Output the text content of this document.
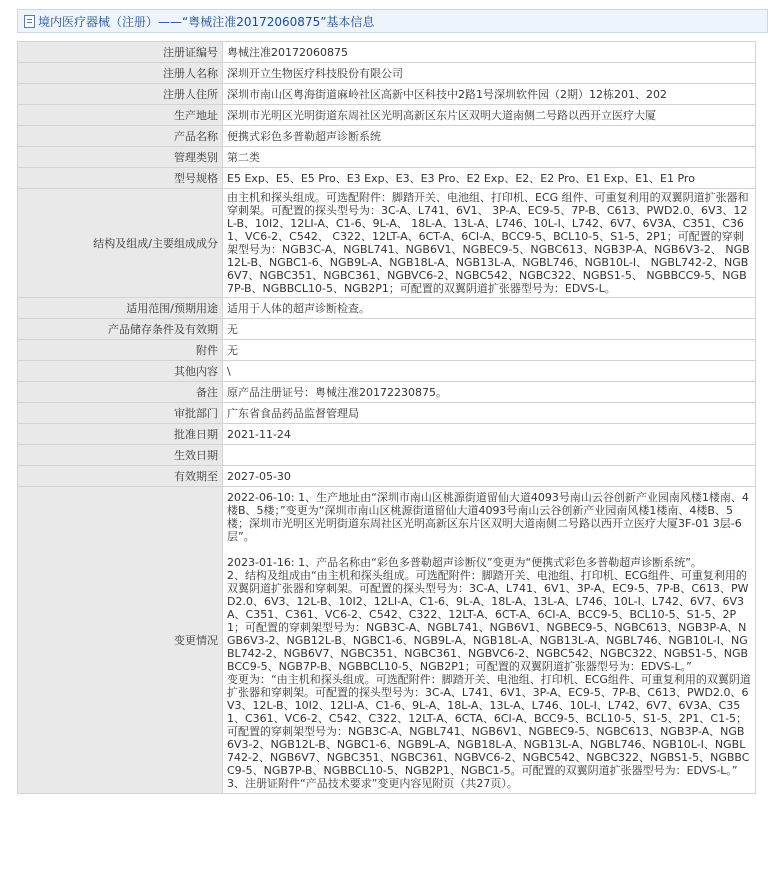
境内医疗器械（注册）——“粤械注准20172060875”基本信息
注册证编号	粤械注准20172060875
注册人名称	深圳开立生物医疗科技股份有限公司
注册人住所	深圳市南山区粤海街道麻岭社区高新中区科技中2路1号深圳软件园（2期）12栋201、202
生产地址	深圳市光明区光明街道东周社区光明高新区东片区双明大道南侧二号路以西开立医疗大厦
产品名称	便携式彩色多普勒超声诊断系统
管理类别	第二类
型号规格	E5 Exp、E5、E5 Pro、E3 Exp、E3、E3 Pro、E2 Exp、E2、E2 Pro、E1 Exp、E1、E1 Pro
结构及组成/主要组成成分	由主机和探头组成。可选配附件：脚踏开关、电池组、打印机、ECG 组件、可重复利用的双翼阴道扩张器和穿刺架。可配置的探头型号为：3C-A、L741、6V1、 3P-A、EC9-5、7P-B、C613、PWD2.0、6V3、12L-B、10I2、12LI-A、C1-6、9L-A、 18L-A、13L-A、L746、10L-I、L742、6V7、6V3A、C351、C361、VC6-2、C542、 C322、12LT-A、6CT-A、6CI-A、BCC9-5、BCL10-5、S1-5、2P1；可配置的穿刺架型号为：NGB3C-A、NGBL741、NGB6V1、NGBEC9-5、NGBC613、NGB3P-A、NGB6V3-2、 NGB12L-B、NGBC1-6、NGB9L-A、NGB18L-A、NGB13L-A、NGBL746、NGB10L-I、 NGBL742-2、NGB6V7、NGBC351、NGBC361、NGBVC6-2、NGBC542、NGBC322、NGBS1-5、 NGBBCC9-5、NGB7P-B、NGBBCL10-5、NGB2P1；可配置的双翼阴道扩张器型号为：EDVS-L。
适用范围/预期用途	适用于人体的超声诊断检查。
产品储存条件及有效期	无
附件	无
其他内容	\
备注	原产品注册证号：粤械注准20172230875。
审批部门	广东省食品药品监督管理局
批准日期	2021-11-24
生效日期	
有效期至	2027-05-30
变更情况	2022-06-10: 1、生产地址由“深圳市南山区桃源街道留仙大道4093号南山云谷创新产业园南风楼1楼南、4楼B、5楼；”变更为“深圳市南山区桃源街道留仙大道4093号南山云谷创新产业园南风楼1楼南、4楼B、5楼；深圳市光明区光明街道东周社区光明高新区东片区双明大道南侧二号路以西开立医疗大厦3F-01 3层-6层”。

2023-01-16: 1、产品名称由“彩色多普勒超声诊断仪”变更为“便携式彩色多普勒超声诊断系统”。
2、结构及组成由“由主机和探头组成。可选配附件：脚踏开关、电池组、打印机、ECG组件、可重复利用的双翼阴道扩张器和穿刺架。可配置的探头型号为：3C-A、L741、6V1、3P-A、EC9-5、7P-B、C613、PWD2.0、6V3、12L-B、10I2、12LI-A、C1-6、9L-A、18L-A、13L-A、L746、10L-I、L742、6V7、6V3A、C351、C361、VC6-2、C542、C322、12LT-A、6CT-A、6CI-A、BCC9-5、BCL10-5、S1-5、2P1；可配置的穿刺架型号为：NGB3C-A、NGBL741、NGB6V1、NGBEC9-5、NGBC613、NGB3P-A、NGB6V3-2、NGB12L-B、NGBC1-6、NGB9L-A、NGB18L-A、NGB13L-A、NGBL746、NGB10L-I、NGBL742-2、NGB6V7、NGBC351、NGBC361、NGBVC6-2、NGBC542、NGBC322、NGBS1-5、NGBBCC9-5、NGB7P-B、NGBBCL10-5、NGB2P1；可配置的双翼阴道扩张器型号为：EDVS-L。”
变更为：“由主机和探头组成。可选配附件：脚踏开关、电池组、打印机、ECG组件、可重复利用的双翼阴道扩张器和穿刺架。可配置的探头型号为：3C-A、L741、6V1、3P-A、EC9-5、7P-B、C613、PWD2.0、6V3、12L-B、10I2、12LI-A、C1-6、9L-A、18L-A、13L-A、L746、10L-I、L742、6V7、6V3A、C351、C361、VC6-2、C542、C322、12LT-A、6CTA、6CI-A、BCC9-5、BCL10-5、S1-5、2P1、C1-5；可配置的穿刺架型号为：NGB3C-A、NGBL741、NGB6V1、NGBEC9-5、NGBC613、NGB3P-A、NGB6V3-2、NGB12L-B、NGBC1-6、NGB9L-A、NGB18L-A、NGB13L-A、NGBL746、NGB10L-I、NGBL742-2、NGB6V7、NGBC351、NGBC361、NGBVC6-2、NGBC542、NGBC322、NGBS1-5、NGBBCC9-5、NGB7P-B、NGBBCL10-5、NGB2P1、NGBC1-5。可配置的双翼阴道扩张器型号为：EDVS-L。”
3、注册证附件“产品技术要求”变更内容见附页（共27页）。
